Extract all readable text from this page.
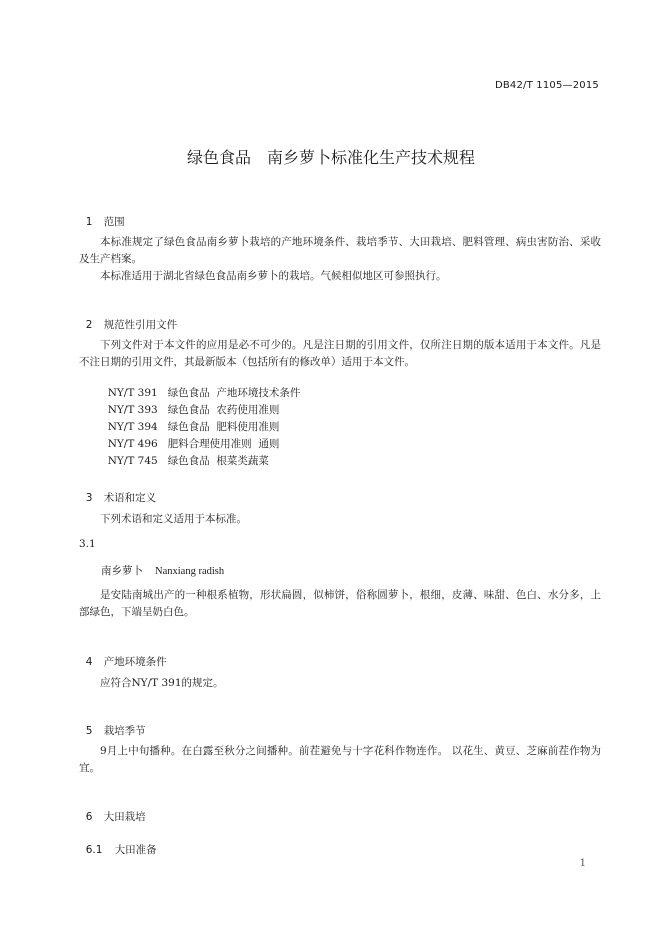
DB42/T 1105—2015
绿色食品　南乡萝卜标准化生产技术规程

1 范围

本标准规定了绿色食品南乡萝卜栽培的产地环境条件、栽培季节、大田栽培、肥料管理、病虫害防治、采收及生产档案。
本标准适用于湖北省绿色食品南乡萝卜的栽培。气候相似地区可参照执行。

2 规范性引用文件

下列文件对于本文件的应用是必不可少的。凡是注日期的引用文件，仅所注日期的版本适用于本文件。凡是不注日期的引用文件，其最新版本（包括所有的修改单）适用于本文件。

NY/T 391 绿色食品  产地环境技术条件

NY/T 393 绿色食品  农药使用准则

NY/T 394 绿色食品  肥料使用准则

NY/T 496 肥料合理使用准则  通则

NY/T 745 绿色食品  根菜类蔬菜

3 术语和定义

下列术语和定义适用于本标准。
3.1
南乡萝卜 Nanxiang radish
是安陆南城出产的一种根系植物，形状扁圆，似柿饼，俗称圆萝卜，根细，皮薄、味甜、色白、水分多，上部绿色，下端呈奶白色。

4 产地环境条件

应符合NY/T 391的规定。

5 栽培季节

9月上中旬播种。在白露至秋分之间播种。前茬避免与十字花科作物连作。 以花生、黄豆、芝麻前茬作物为宜。

6 大田栽培

6.1 大田准备

1
